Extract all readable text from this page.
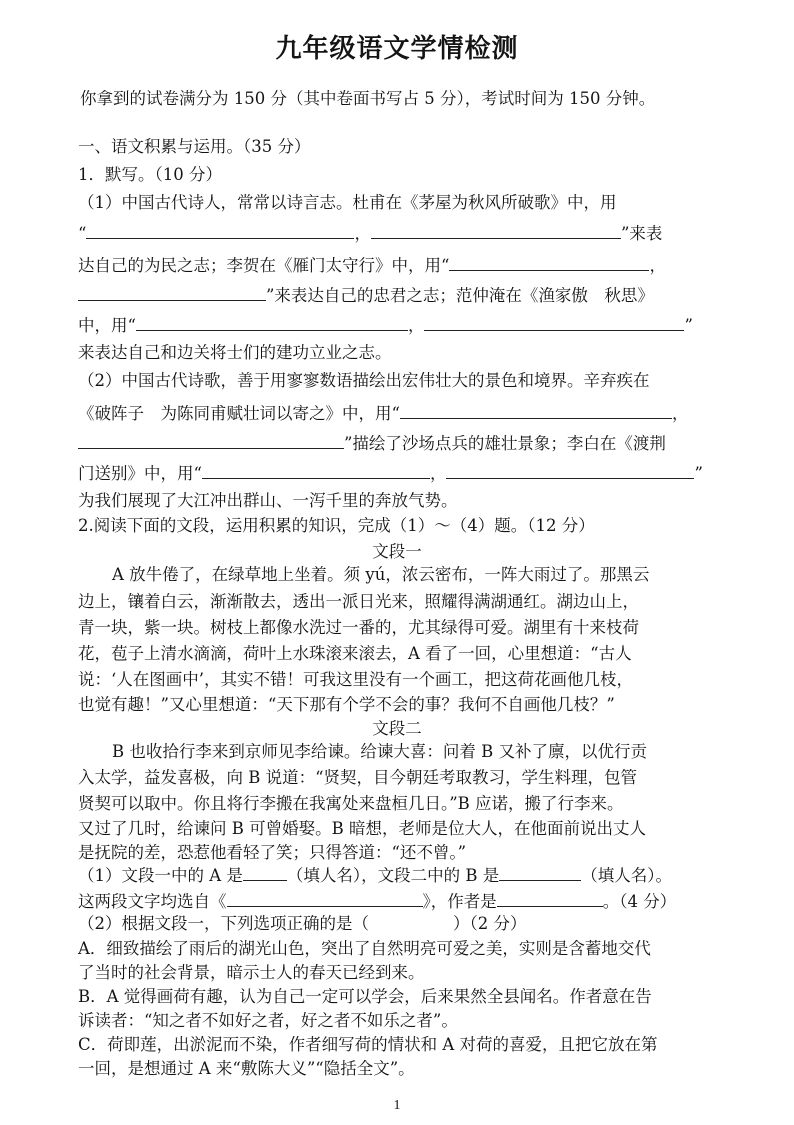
九年级语文学情检测
你拿到的试卷满分为 150 分（其中卷面书写占 5 分），考试时间为 150 分钟。
一、语文积累与运用。（35 分）
1．默写。（10 分）
（1）中国古代诗人，常常以诗言志。杜甫在《茅屋为秋风所破歌》中，用
“	，	”来表
达自己的为民之志；李贺在《雁门太守行》中，用“	，
”来表达自己的忠君之志；范仲淹在《渔家傲　秋思》
中，用“	，	”
来表达自己和边关将士们的建功立业之志。
（2）中国古代诗歌，善于用寥寥数语描绘出宏伟壮大的景色和境界。辛弃疾在
《破阵子　为陈同甫赋壮词以寄之》中，用“	，
”描绘了沙场点兵的雄壮景象；李白在《渡荆
门送别》中，用“	，	”
为我们展现了大江冲出群山、一泻千里的奔放气势。
2.阅读下面的文段，运用积累的知识，完成（1）～（4）题。（12 分）
文段一
A 放牛倦了，在绿草地上坐着。须 yú，浓云密布，一阵大雨过了。那黑云
边上，镶着白云，渐渐散去，透出一派日光来，照耀得满湖通红。湖边山上，
青一块，紫一块。树枝上都像水洗过一番的，尤其绿得可爱。湖里有十来枝荷
花，苞子上清水滴滴，荷叶上水珠滚来滚去，A 看了一回，心里想道：“古人
说：‘人在图画中’，其实不错！可我这里没有一个画工，把这荷花画他几枝，
也觉有趣！”又心里想道：“天下那有个学不会的事？我何不自画他几枝？”
文段二
B 也收拾行李来到京师见李给谏。给谏大喜：问着 B 又补了廪，以优行贡
入太学，益发喜极，向 B 说道：“贤契，目今朝廷考取教习，学生料理，包管
贤契可以取中。你且将行李搬在我寓处来盘桓几日。”B 应诺，搬了行李来。
又过了几时，给谏问 B 可曾婚娶。B 暗想，老师是位大人，在他面前说出丈人
是抚院的差，恐惹他看轻了笑；只得答道：“还不曾。”
（1）文段一中的 A 是	（填人名），文段二中的 B 是	（填人名）。
这两段文字均选自《	》，作者是	。（4 分）
（2）根据文段一，下列选项正确的是（	）（2 分）
A．细致描绘了雨后的湖光山色，突出了自然明亮可爱之美，实则是含蓄地交代
了当时的社会背景，暗示士人的春天已经到来。
B．A 觉得画荷有趣，认为自己一定可以学会，后来果然全县闻名。作者意在告
诉读者：“知之者不如好之者，好之者不如乐之者”。
C．荷即莲，出淤泥而不染，作者细写荷的情状和 A 对荷的喜爱，且把它放在第
一回，是想通过 A 来“敷陈大义”“隐括全文”。
1
